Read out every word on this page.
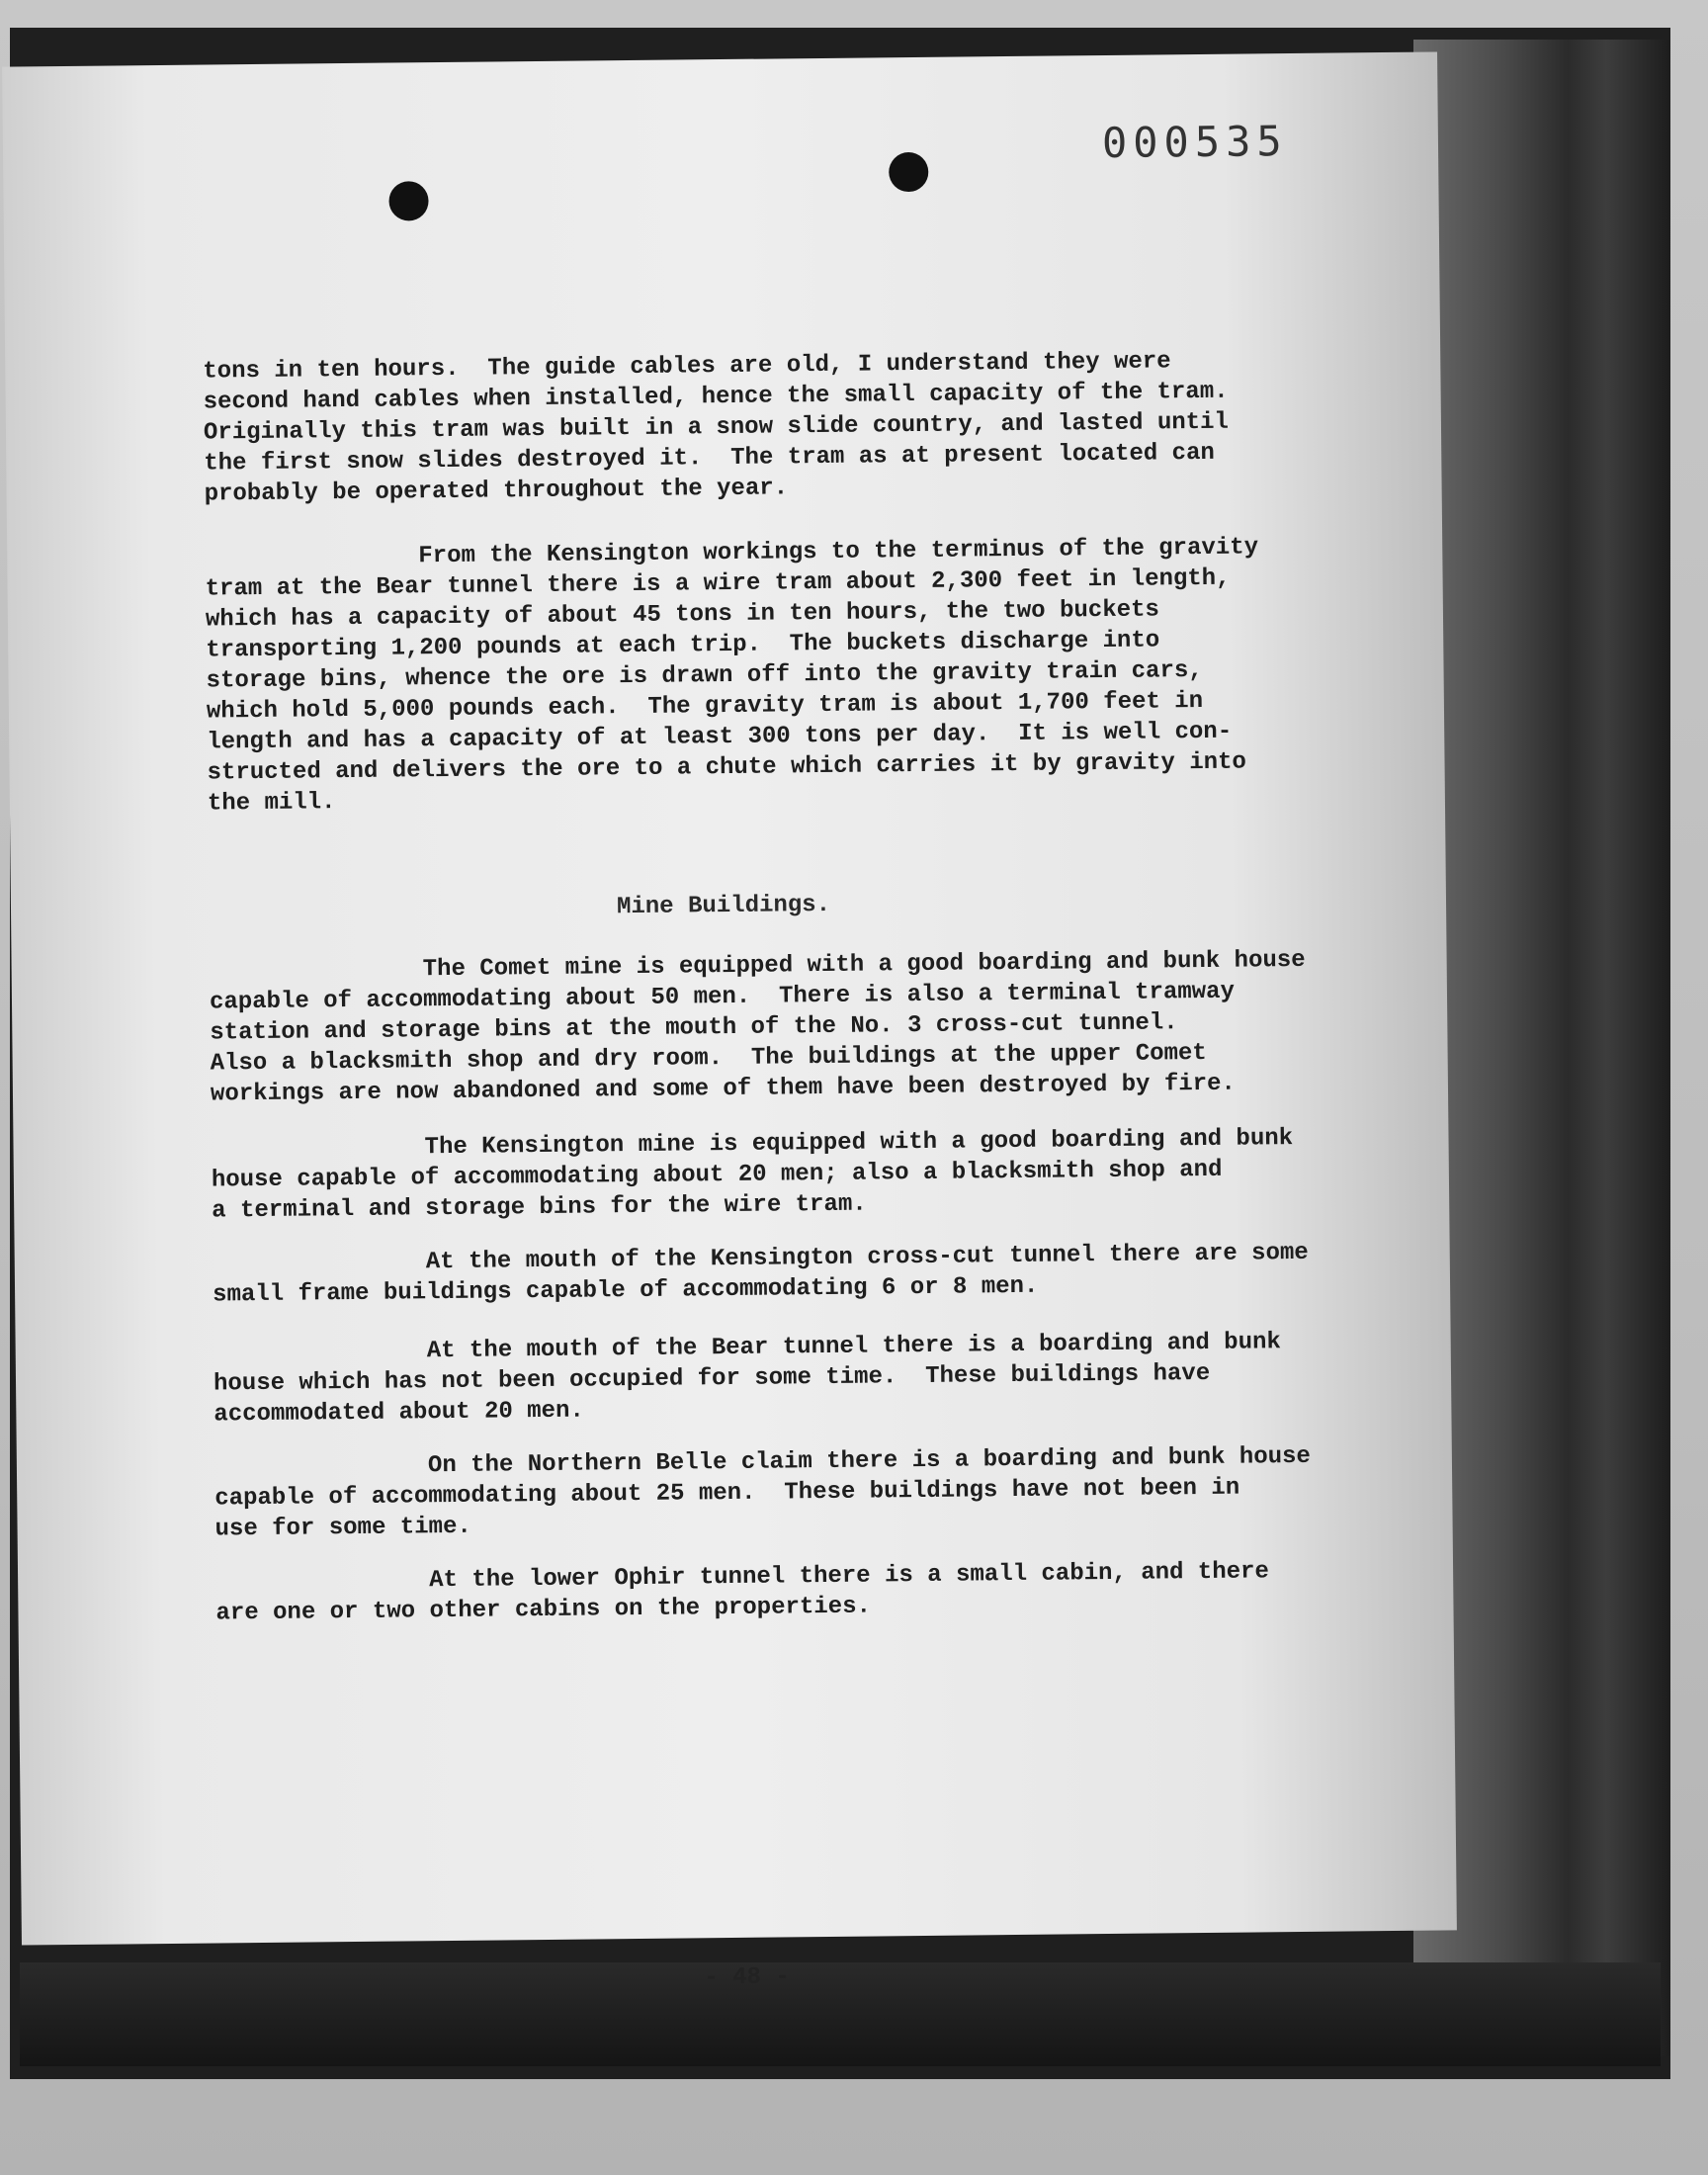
000535

tons in ten hours.  The guide cables are old, I understand they were
second hand cables when installed, hence the small capacity of the tram.
Originally this tram was built in a snow slide country, and lasted until
the first snow slides destroyed it.  The tram as at present located can
probably be operated throughout the year.

From the Kensington workings to the terminus of the gravity
tram at the Bear tunnel there is a wire tram about 2,300 feet in length,
which has a capacity of about 45 tons in ten hours, the two buckets
transporting 1,200 pounds at each trip.  The buckets discharge into
storage bins, whence the ore is drawn off into the gravity train cars,
which hold 5,000 pounds each.  The gravity tram is about 1,700 feet in
length and has a capacity of at least 300 tons per day.  It is well con-
structed and delivers the ore to a chute which carries it by gravity into
the mill.

Mine Buildings.

The Comet mine is equipped with a good boarding and bunk house
capable of accommodating about 50 men.  There is also a terminal tramway
station and storage bins at the mouth of the No. 3 cross-cut tunnel.
Also a blacksmith shop and dry room.  The buildings at the upper Comet
workings are now abandoned and some of them have been destroyed by fire.

The Kensington mine is equipped with a good boarding and bunk
house capable of accommodating about 20 men; also a blacksmith shop and
a terminal and storage bins for the wire tram.

At the mouth of the Kensington cross-cut tunnel there are some
small frame buildings capable of accommodating 6 or 8 men.

At the mouth of the Bear tunnel there is a boarding and bunk
house which has not been occupied for some time.  These buildings have
accommodated about 20 men.

On the Northern Belle claim there is a boarding and bunk house
capable of accommodating about 25 men.  These buildings have not been in
use for some time.

At the lower Ophir tunnel there is a small cabin, and there
are one or two other cabins on the properties.

- 48 -
